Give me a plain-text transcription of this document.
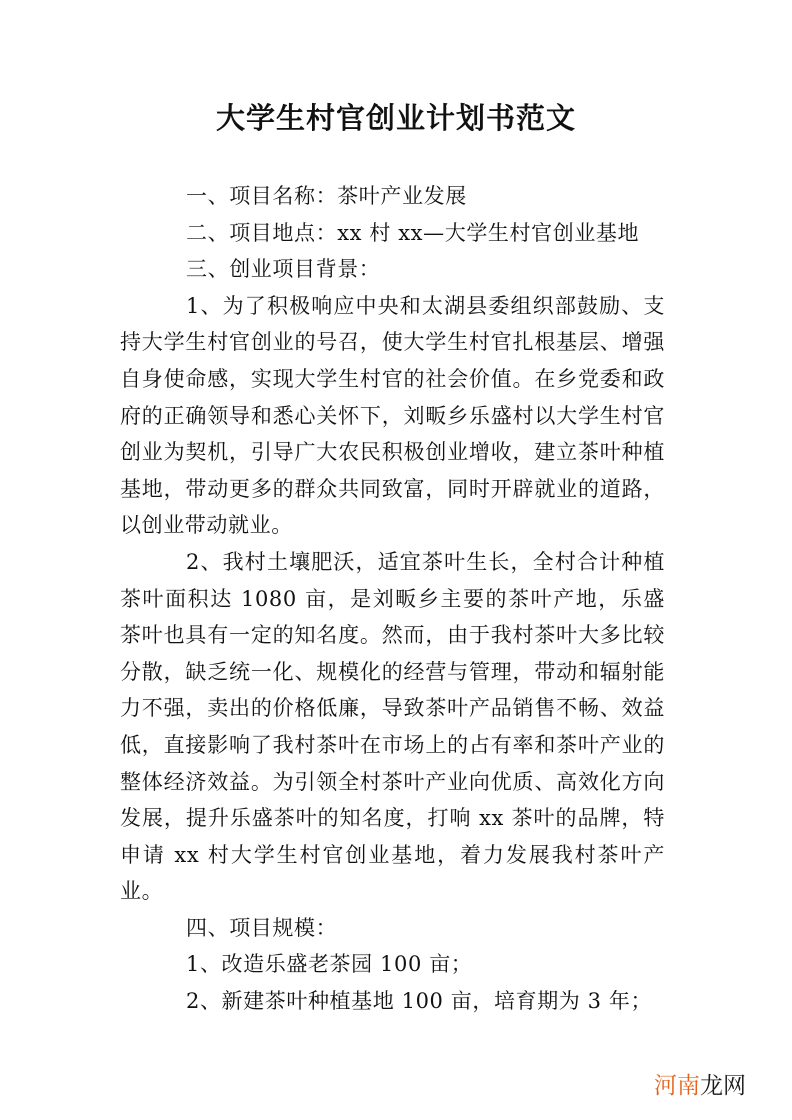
大学生村官创业计划书范文

一、项目名称：茶叶产业发展

二、项目地点：xx 村 xx—大学生村官创业基地

三、创业项目背景：

1、为了积极响应中央和太湖县委组织部鼓励、支持大学生村官创业的号召，使大学生村官扎根基层、增强自身使命感，实现大学生村官的社会价值。在乡党委和政府的正确领导和悉心关怀下，刘畈乡乐盛村以大学生村官创业为契机，引导广大农民积极创业增收，建立茶叶种植基地，带动更多的群众共同致富，同时开辟就业的道路，以创业带动就业。

2、我村土壤肥沃，适宜茶叶生长，全村合计种植茶叶面积达 1080 亩，是刘畈乡主要的茶叶产地，乐盛茶叶也具有一定的知名度。然而，由于我村茶叶大多比较分散，缺乏统一化、规模化的经营与管理，带动和辐射能力不强，卖出的价格低廉，导致茶叶产品销售不畅、效益低，直接影响了我村茶叶在市场上的占有率和茶叶产业的整体经济效益。为引领全村茶叶产业向优质、高效化方向发展，提升乐盛茶叶的知名度，打响 xx 茶叶的品牌，特申请 xx 村大学生村官创业基地，着力发展我村茶叶产业。

四、项目规模：

1、改造乐盛老茶园 100 亩；

2、新建茶叶种植基地 100 亩，培育期为 3 年；

河南龙网
